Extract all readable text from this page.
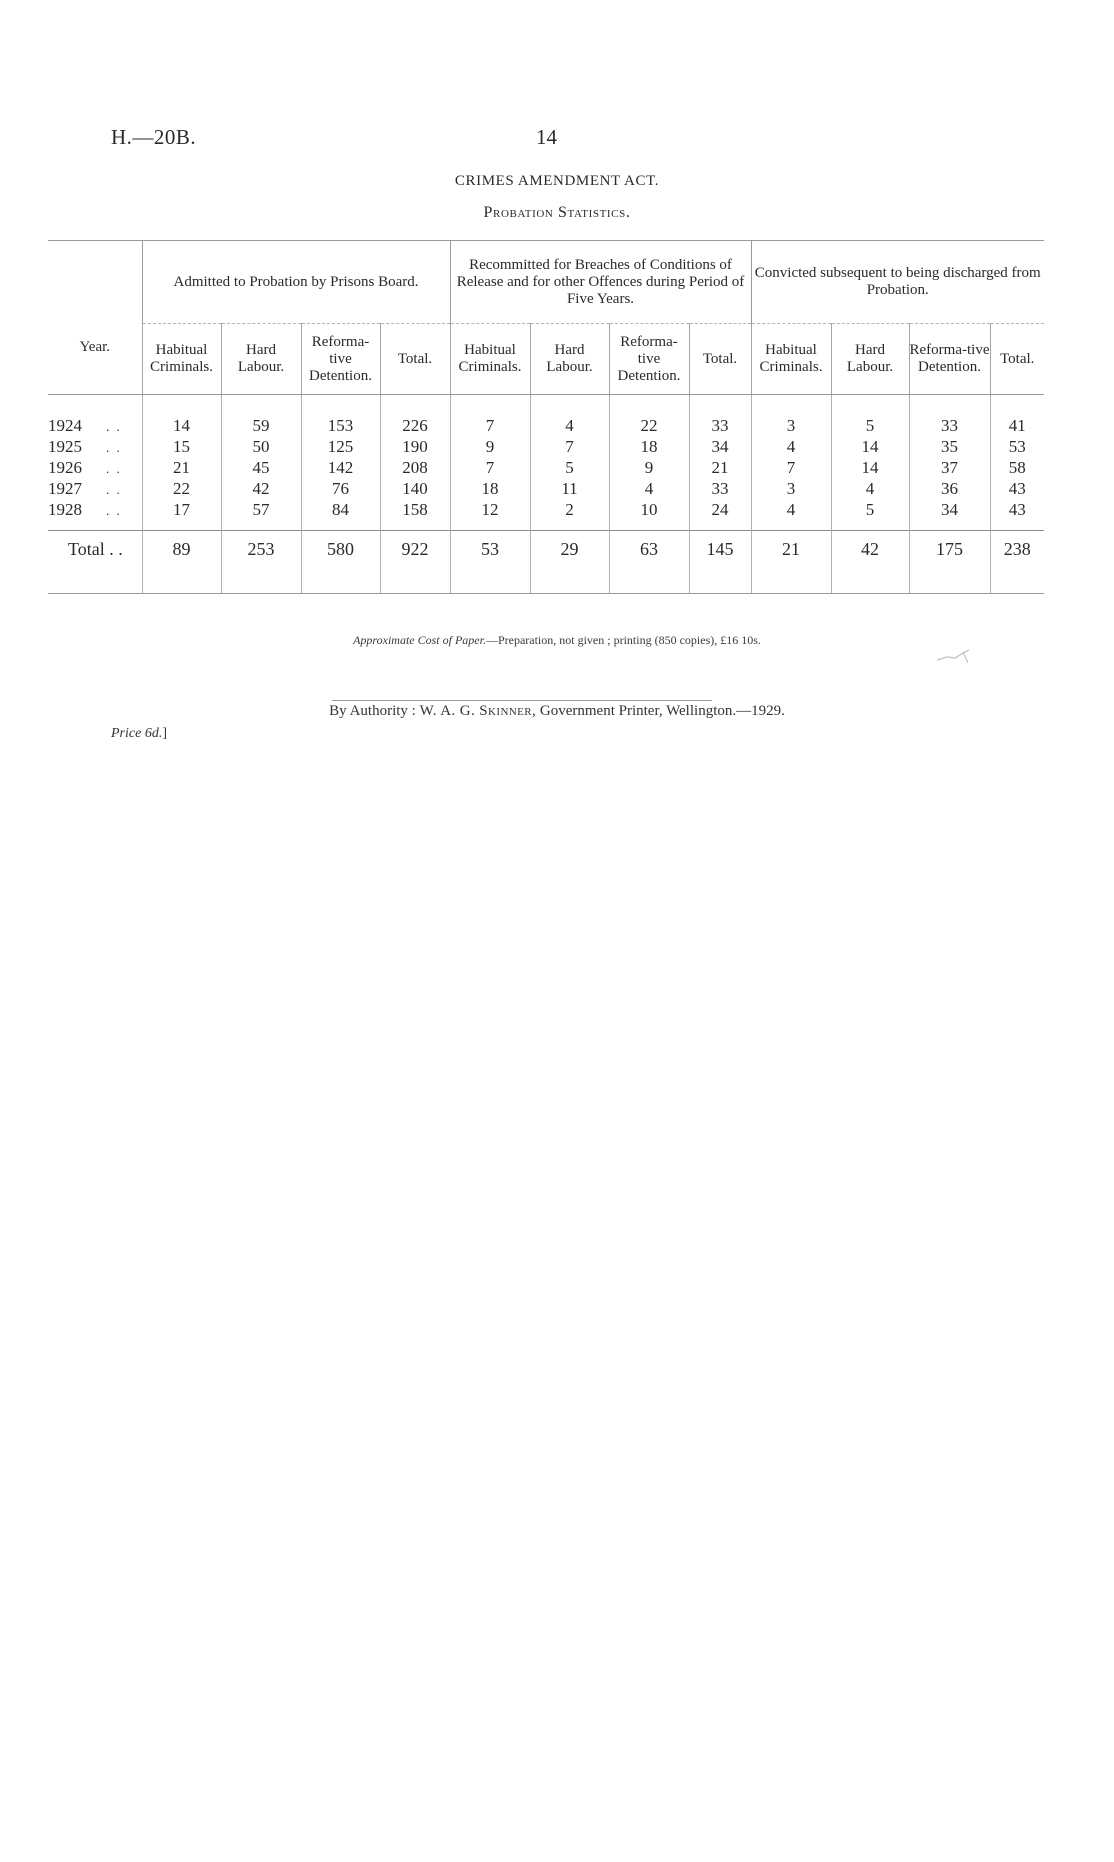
H.—20B.	14
CRIMES AMENDMENT ACT.
Probation Statistics.
Year.	Admitted to Probation by Prisons Board.				Recommitted for Breaches of Conditions of Release and for other Offences during Period of Five Years.				Convicted subsequent to being discharged from Probation.			
	Habitual Criminals.	Hard Labour.	Reforma-tive Detention.	Total.	Habitual Criminals.	Hard Labour.	Reforma-tive Detention.	Total.	Habitual Criminals.	Hard Labour.	Reforma-tive Detention.	Total.
1924 . .	14	59	153	226	7	4	22	33	3	5	33	41
1925 . .	15	50	125	190	9	7	18	34	4	14	35	53
1926 . .	21	45	142	208	7	5	9	21	7	14	37	58
1927 . .	22	42	76	140	18	11	4	33	3	4	36	43
1928 . .	17	57	84	158	12	2	10	24	4	5	34	43
Total . .	89	253	580	922	53	29	63	145	21	42	175	238
Approximate Cost of Paper.—Preparation, not given ; printing (850 copies), £16 10s.
By Authority : W. A. G. Skinner, Government Printer, Wellington.—1929.
Price 6d.]
